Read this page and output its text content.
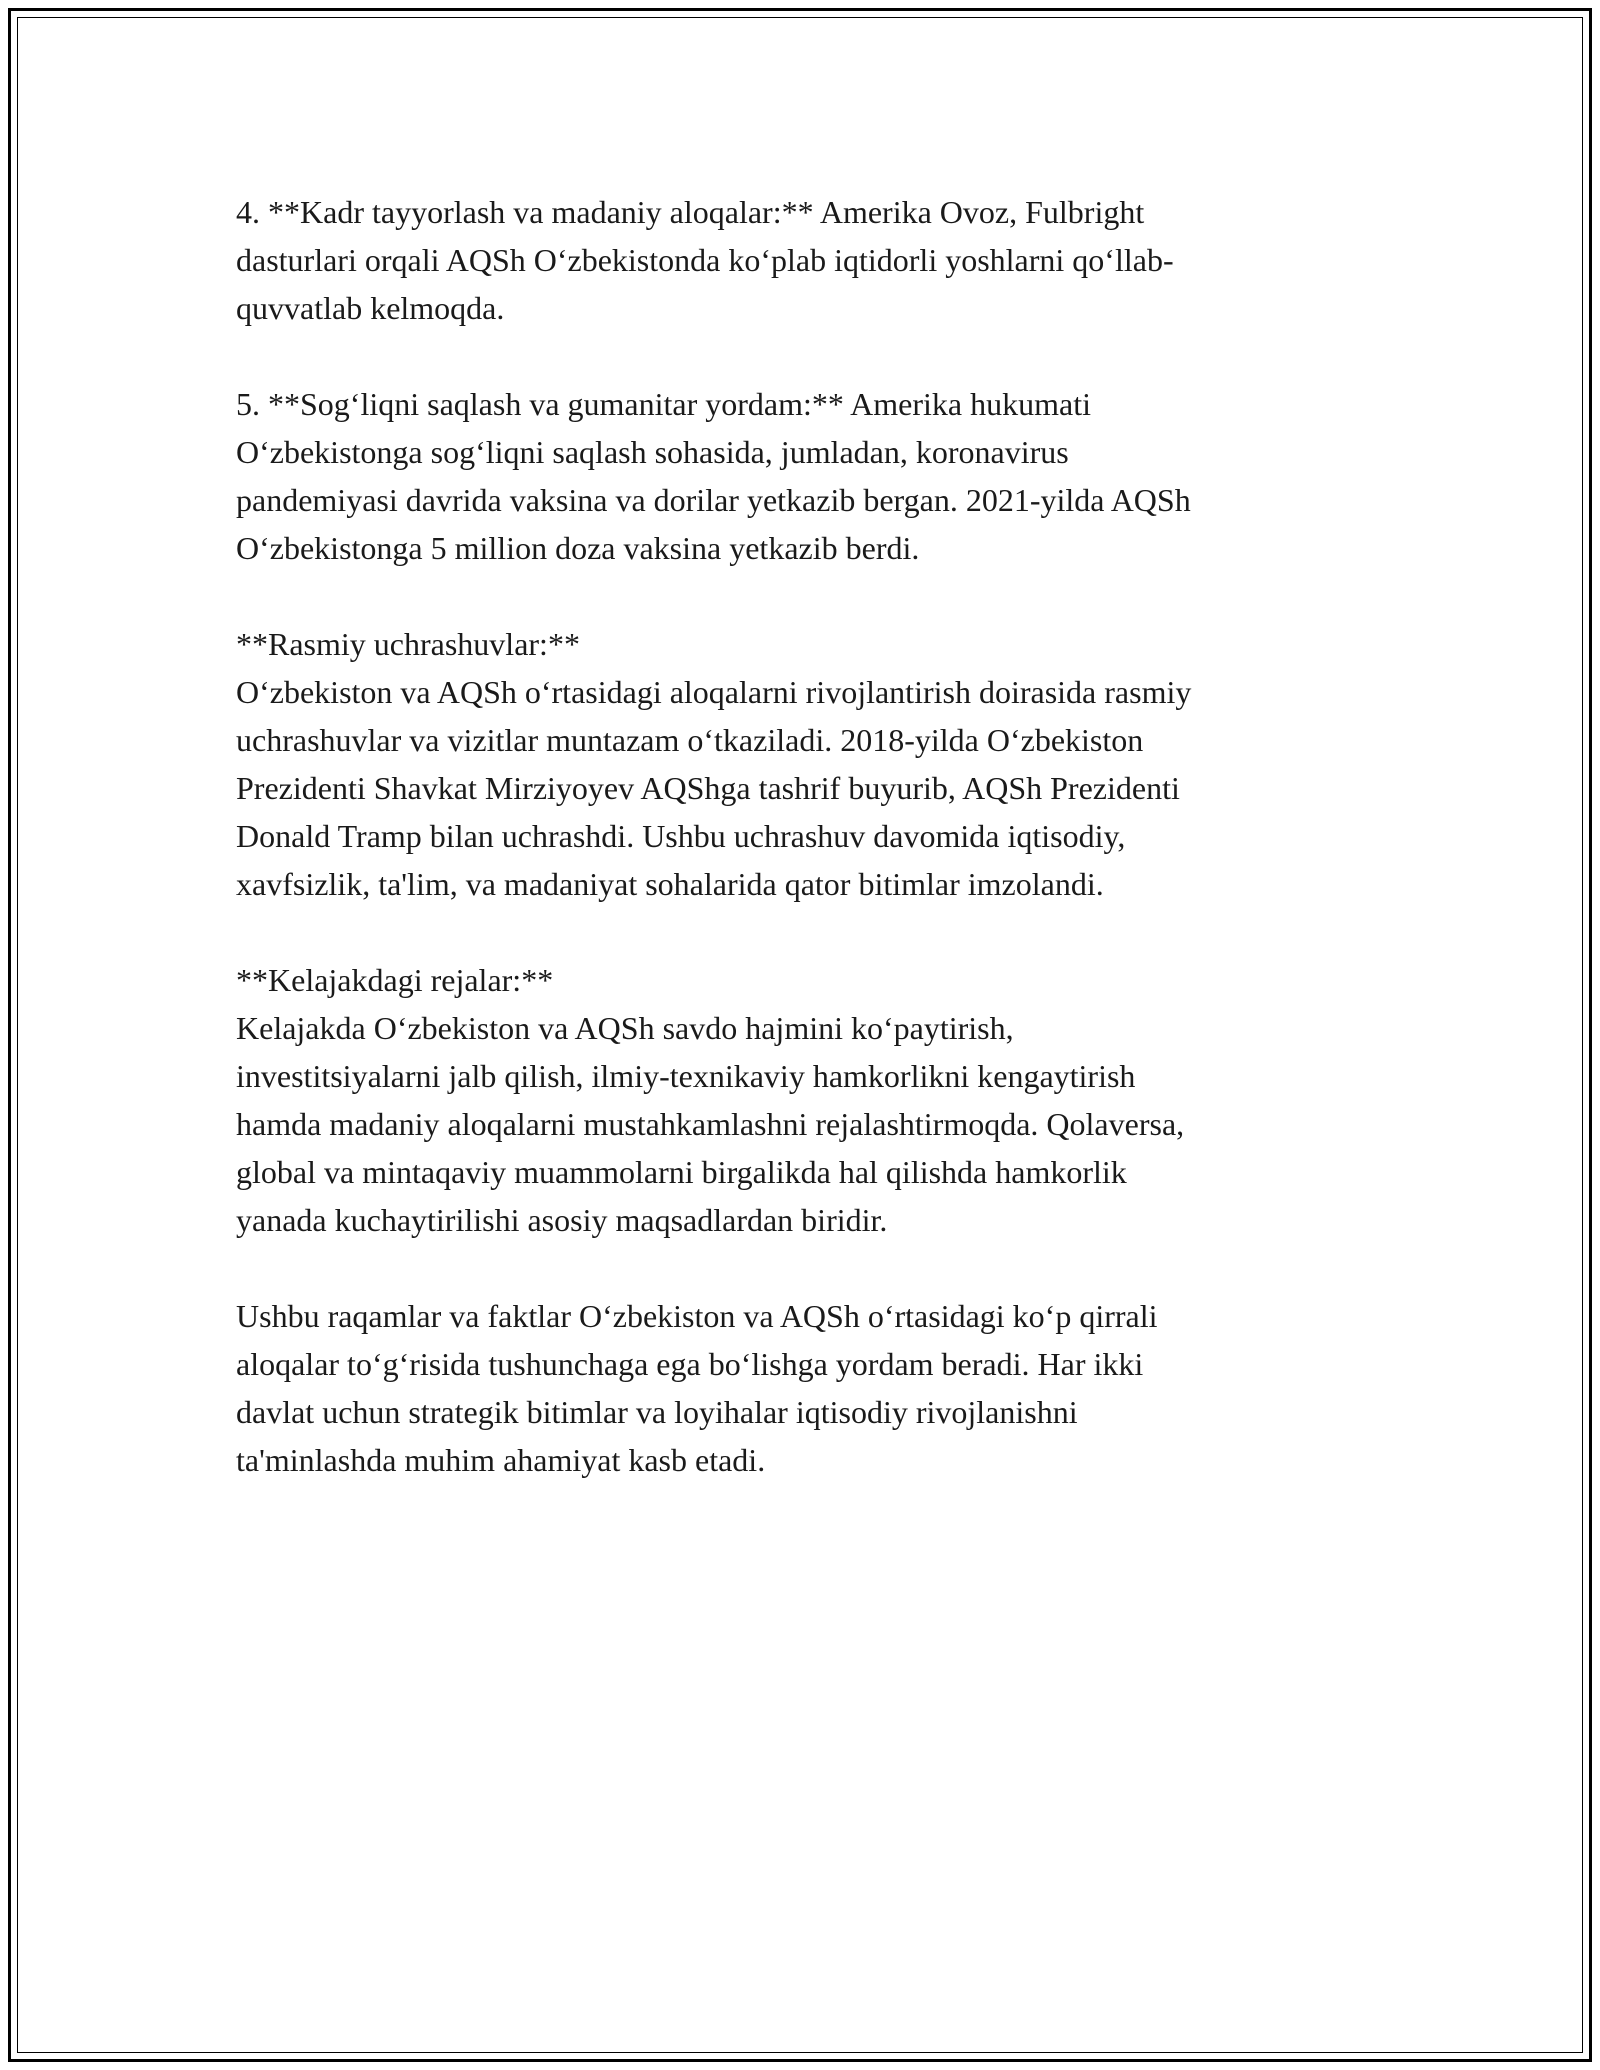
4. **Kadr tayyorlash va madaniy aloqalar:** Amerika Ovoz, Fulbright
dasturlari orqali AQSh O‘zbekistonda ko‘plab iqtidorli yoshlarni qo‘llab-
quvvatlab kelmoqda.

5. **Sog‘liqni saqlash va gumanitar yordam:** Amerika hukumati
O‘zbekistonga sog‘liqni saqlash sohasida, jumladan, koronavirus
pandemiyasi davrida vaksina va dorilar yetkazib bergan. 2021-yilda AQSh
O‘zbekistonga 5 million doza vaksina yetkazib berdi.

**Rasmiy uchrashuvlar:**
O‘zbekiston va AQSh o‘rtasidagi aloqalarni rivojlantirish doirasida rasmiy
uchrashuvlar va vizitlar muntazam o‘tkaziladi. 2018-yilda O‘zbekiston
Prezidenti Shavkat Mirziyoyev AQShga tashrif buyurib, AQSh Prezidenti
Donald Tramp bilan uchrashdi. Ushbu uchrashuv davomida iqtisodiy,
xavfsizlik, ta'lim, va madaniyat sohalarida qator bitimlar imzolandi.

**Kelajakdagi rejalar:**
Kelajakda O‘zbekiston va AQSh savdo hajmini ko‘paytirish,
investitsiyalarni jalb qilish, ilmiy-texnikaviy hamkorlikni kengaytirish
hamda madaniy aloqalarni mustahkamlashni rejalashtirmoqda. Qolaversa,
global va mintaqaviy muammolarni birgalikda hal qilishda hamkorlik
yanada kuchaytirilishi asosiy maqsadlardan biridir.

Ushbu raqamlar va faktlar O‘zbekiston va AQSh o‘rtasidagi ko‘p qirrali
aloqalar to‘g‘risida tushunchaga ega bo‘lishga yordam beradi. Har ikki
davlat uchun strategik bitimlar va loyihalar iqtisodiy rivojlanishni
ta'minlashda muhim ahamiyat kasb etadi.
